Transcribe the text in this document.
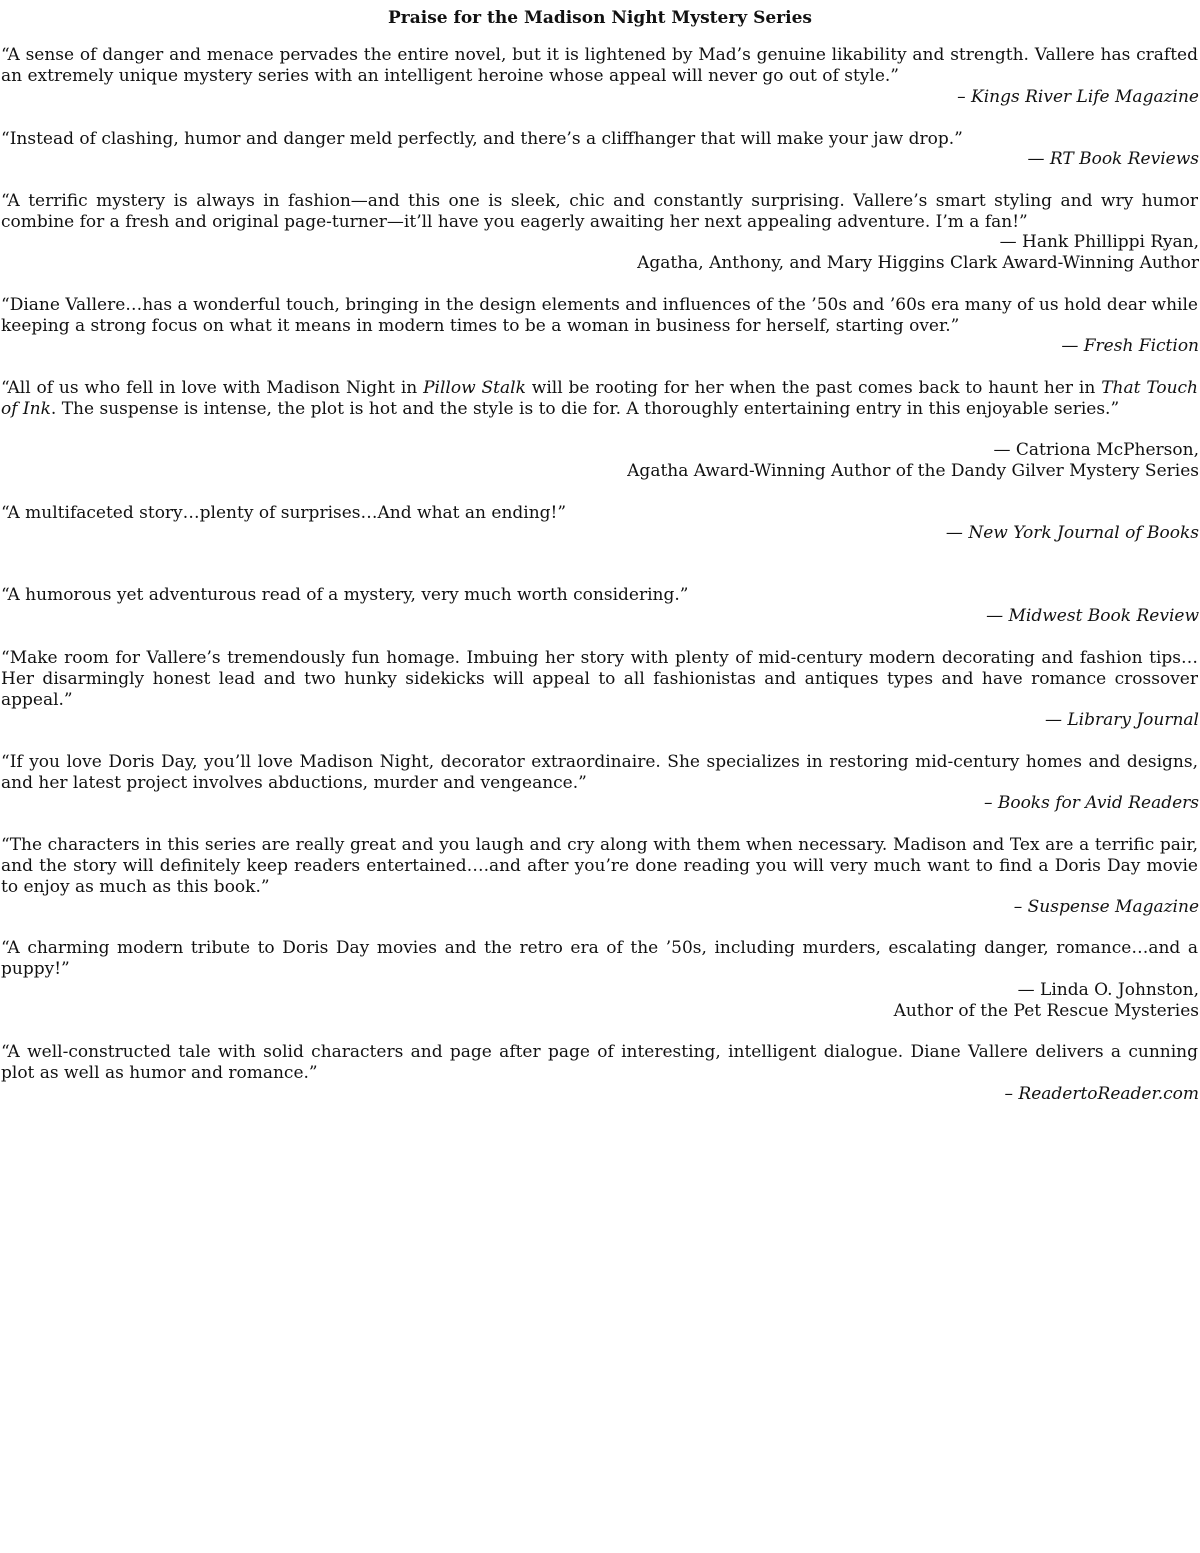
Praise for the Madison Night Mystery Series

“A sense of danger and menace pervades the entire novel, but it is lightened by Mad’s genuine likability and strength. Vallere has crafted an extremely unique mystery series with an intelligent heroine whose appeal will never go out of style.”

– Kings River Life Magazine

“Instead of clashing, humor and danger meld perfectly, and there’s a cliffhanger that will make your jaw drop.”

— RT Book Reviews

“A terrific mystery is always in fashion—and this one is sleek, chic and constantly surprising. Vallere’s smart styling and wry humor combine for a fresh and original page-turner—it’ll have you eagerly awaiting her next appealing adventure. I’m a fan!”

— Hank Phillippi Ryan,

Agatha, Anthony, and Mary Higgins Clark Award-Winning Author

“Diane Vallere…has a wonderful touch, bringing in the design elements and influences of the ’50s and ’60s era many of us hold dear while keeping a strong focus on what it means in modern times to be a woman in business for herself, starting over.”

— Fresh Fiction

“All of us who fell in love with Madison Night in Pillow Stalk will be rooting for her when the past comes back to haunt her in That Touch of Ink. The suspense is intense, the plot is hot and the style is to die for. A thoroughly entertaining entry in this enjoyable series.”

— Catriona McPherson,

Agatha Award-Winning Author of the Dandy Gilver Mystery Series

“A multifaceted story…plenty of surprises…And what an ending!”

— New York Journal of Books

“A humorous yet adventurous read of a mystery, very much worth considering.”

— Midwest Book Review

“Make room for Vallere’s tremendously fun homage. Imbuing her story with plenty of mid-century modern decorating and fashion tips…Her disarmingly honest lead and two hunky sidekicks will appeal to all fashionistas and antiques types and have romance crossover appeal.”

— Library Journal

“If you love Doris Day, you’ll love Madison Night, decorator extraordinaire. She specializes in restoring mid-century homes and designs, and her latest project involves abductions, murder and vengeance.”

– Books for Avid Readers

“The characters in this series are really great and you laugh and cry along with them when necessary. Madison and Tex are a terrific pair, and the story will definitely keep readers entertained….and after you’re done reading you will very much want to find a Doris Day movie to enjoy as much as this book.”

– Suspense Magazine

“A charming modern tribute to Doris Day movies and the retro era of the ’50s, including murders, escalating danger, romance…and a puppy!”

— Linda O. Johnston,

Author of the Pet Rescue Mysteries

“A well-constructed tale with solid characters and page after page of interesting, intelligent dialogue. Diane Vallere delivers a cunning plot as well as humor and romance.”

– ReadertoReader.com
